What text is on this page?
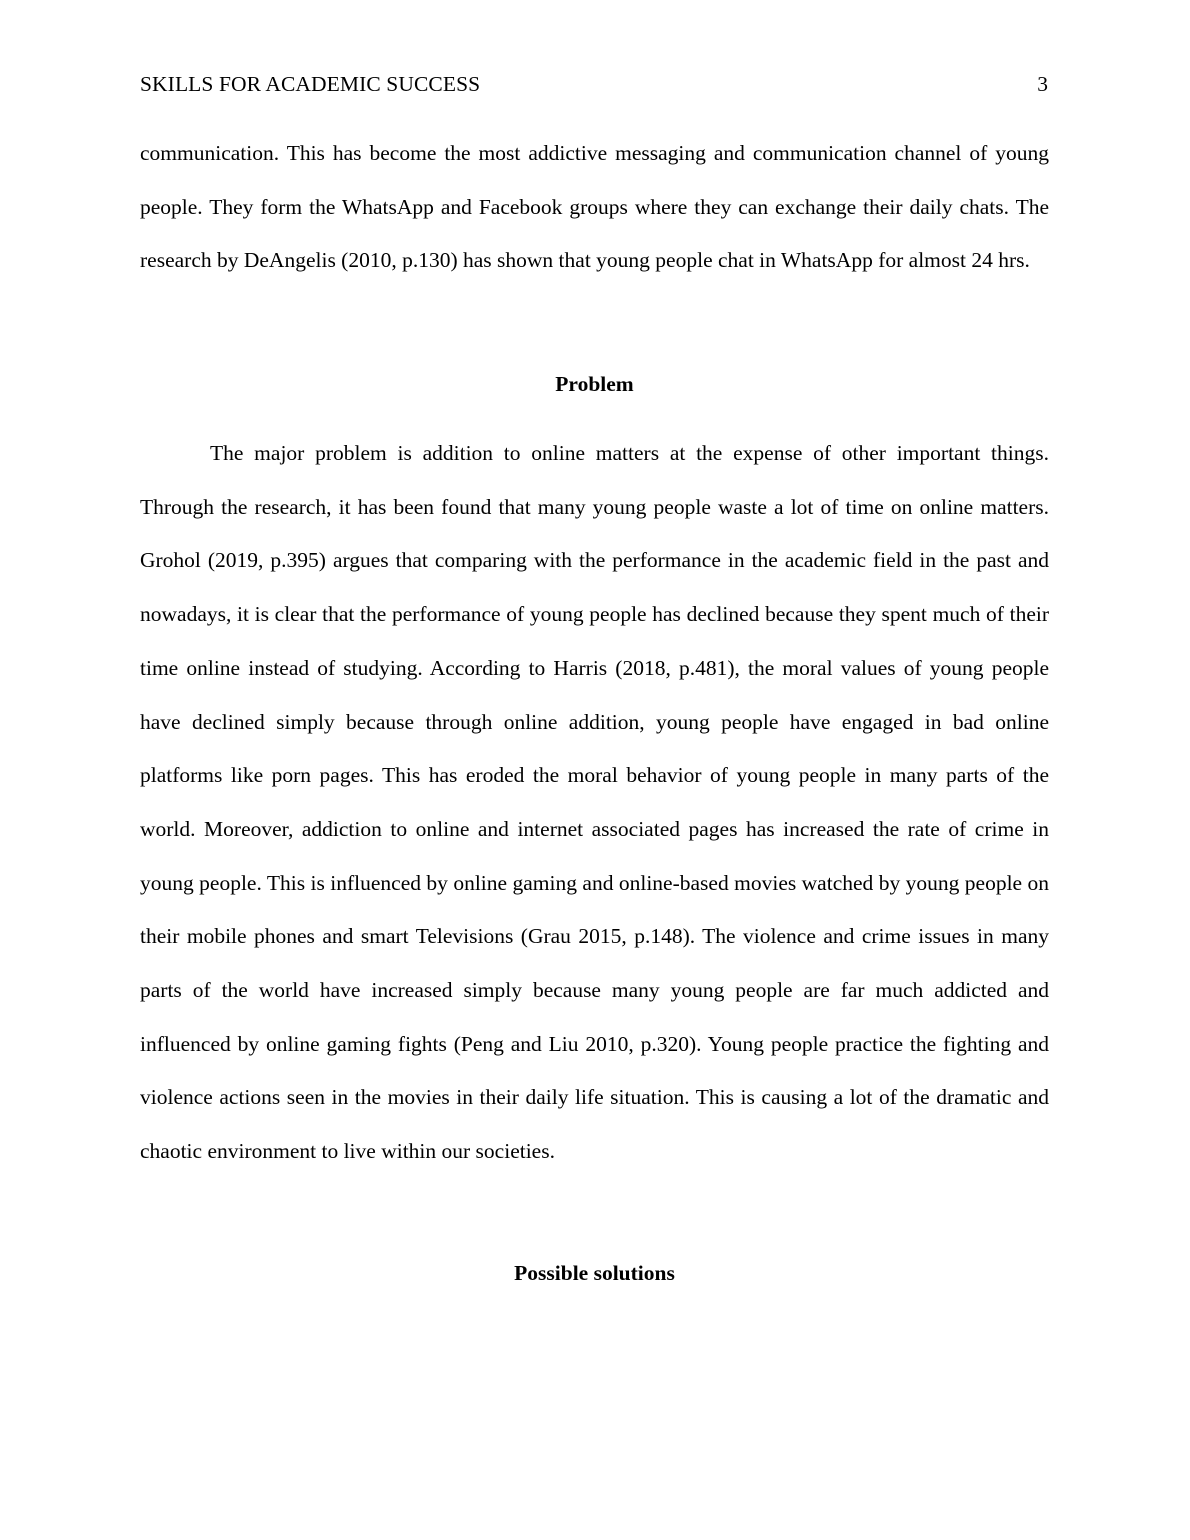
SKILLS FOR ACADEMIC SUCCESS	3

communication. This has become the most addictive messaging and communication channel of young people. They form the WhatsApp and Facebook groups where they can exchange their daily chats. The research by DeAngelis (2010, p.130) has shown that young people chat in WhatsApp for almost 24 hrs.

Problem

The major problem is addition to online matters at the expense of other important things. Through the research, it has been found that many young people waste a lot of time on online matters. Grohol (2019, p.395) argues that comparing with the performance in the academic field in the past and nowadays, it is clear that the performance of young people has declined because they spent much of their time online instead of studying. According to Harris (2018, p.481), the moral values of young people have declined simply because through online addition, young people have engaged in bad online platforms like porn pages. This has eroded the moral behavior of young people in many parts of the world. Moreover, addiction to online and internet associated pages has increased the rate of crime in young people. This is influenced by online gaming and online-based movies watched by young people on their mobile phones and smart Televisions (Grau 2015, p.148). The violence and crime issues in many parts of the world have increased simply because many young people are far much addicted and influenced by online gaming fights (Peng and Liu 2010, p.320). Young people practice the fighting and violence actions seen in the movies in their daily life situation. This is causing a lot of the dramatic and chaotic environment to live within our societies.

Possible solutions
